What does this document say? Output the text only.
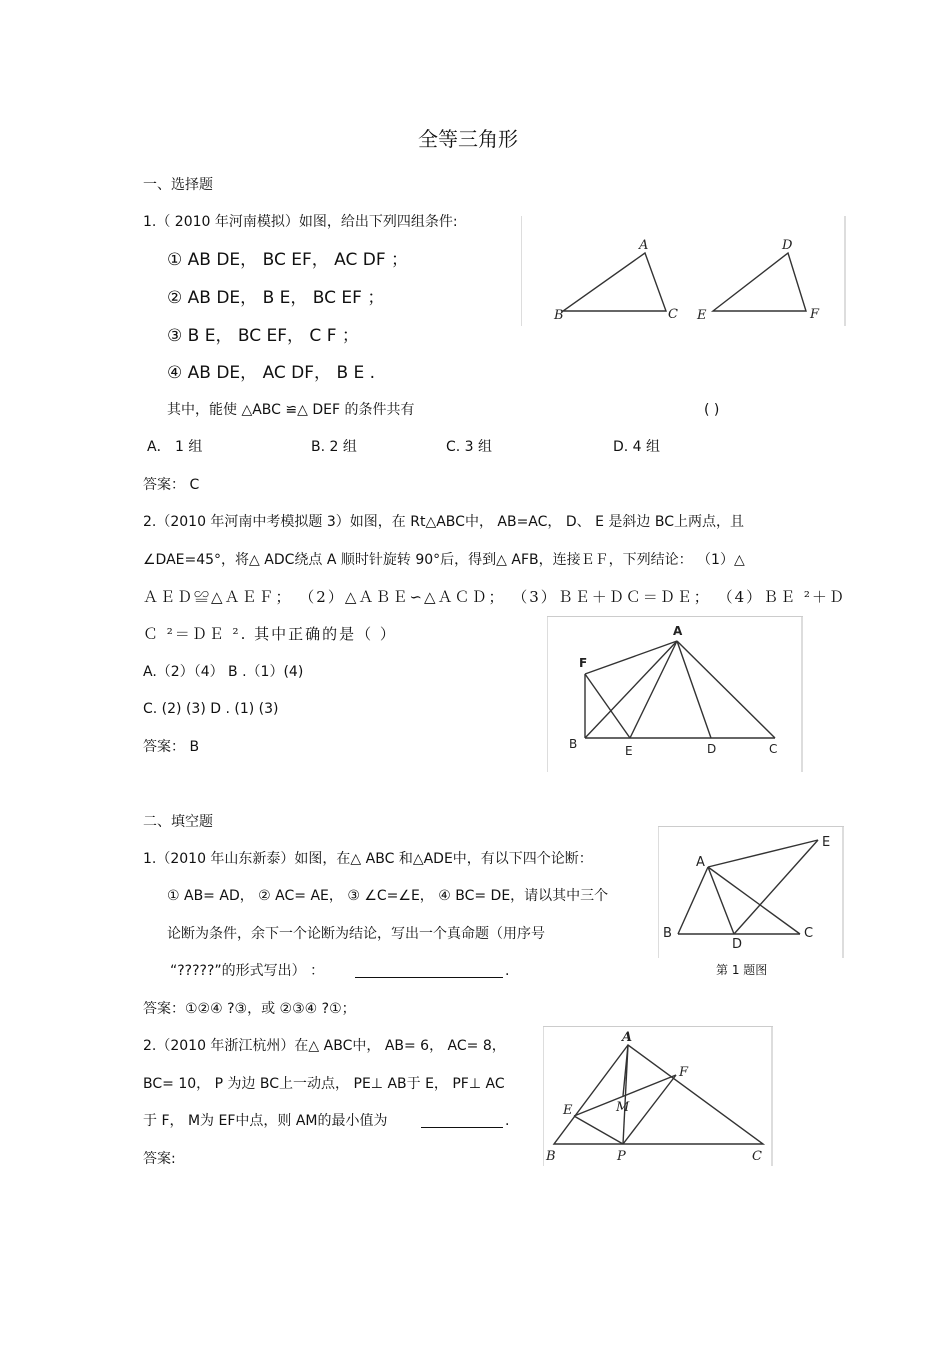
全等三角形
一、选择题
1.（ 2010 年河南模拟）如图，给出下列四组条件:
① AB DE， BC EF， AC DF ；
② AB DE， B E， BC EF ；
③ B E， BC EF， C F ；
④ AB DE， AC DF， B E .
其中，能使 △ABC ≌△ DEF 的条件共有	( )
A． 1 组	B. 2 组	C. 3 组	D. 4 组
答案： C
A
B	C
D
E	F
2.（2010 年河南中考模拟题 3）如图，在 Rt△ABC中， AB=AC， D、 E 是斜边 BC上两点，且
∠DAE=45°，将△ ADC绕点 A 顺时针旋转 90°后，得到△ AFB，连接ＥＦ，下列结论： （1）△
ＡＥＤ≌△ＡＥＦ； （2）△ＡＢＥ∽△ＡＣＤ； （3）ＢＥ＋ＤＣ＝ＤＥ； （4）ＢＥ ²＋Ｄ
Ｃ ²＝ＤＥ ². 其中正确的是（ ）
A.（2）（4） B .（1）(4)
C. (2) (3) D . (1) (3)
答案： B
A
F
B	E	D	C
二、填空题
1.（2010 年山东新泰）如图，在△ ABC 和△ADE中，有以下四个论断：
① AB= AD， ② AC= AE， ③ ∠C=∠E， ④ BC= DE，请以其中三个
论断为条件，余下一个论断为结论，写出一个真命题（用序号
“?????”的形式写出） ：	.
答案：①②④ ?③，或 ②③④ ?①；
A
E
B
D
C
第 1 题图
2.（2010 年浙江杭州）在△ ABC中， AB= 6， AC= 8，
BC= 10， P 为边 BC上一动点， PE⊥ AB于 E， PF⊥ AC
于 F， M为 EF中点，则 AM的最小值为	.
答案:
A
F
E	M
B	P	C
